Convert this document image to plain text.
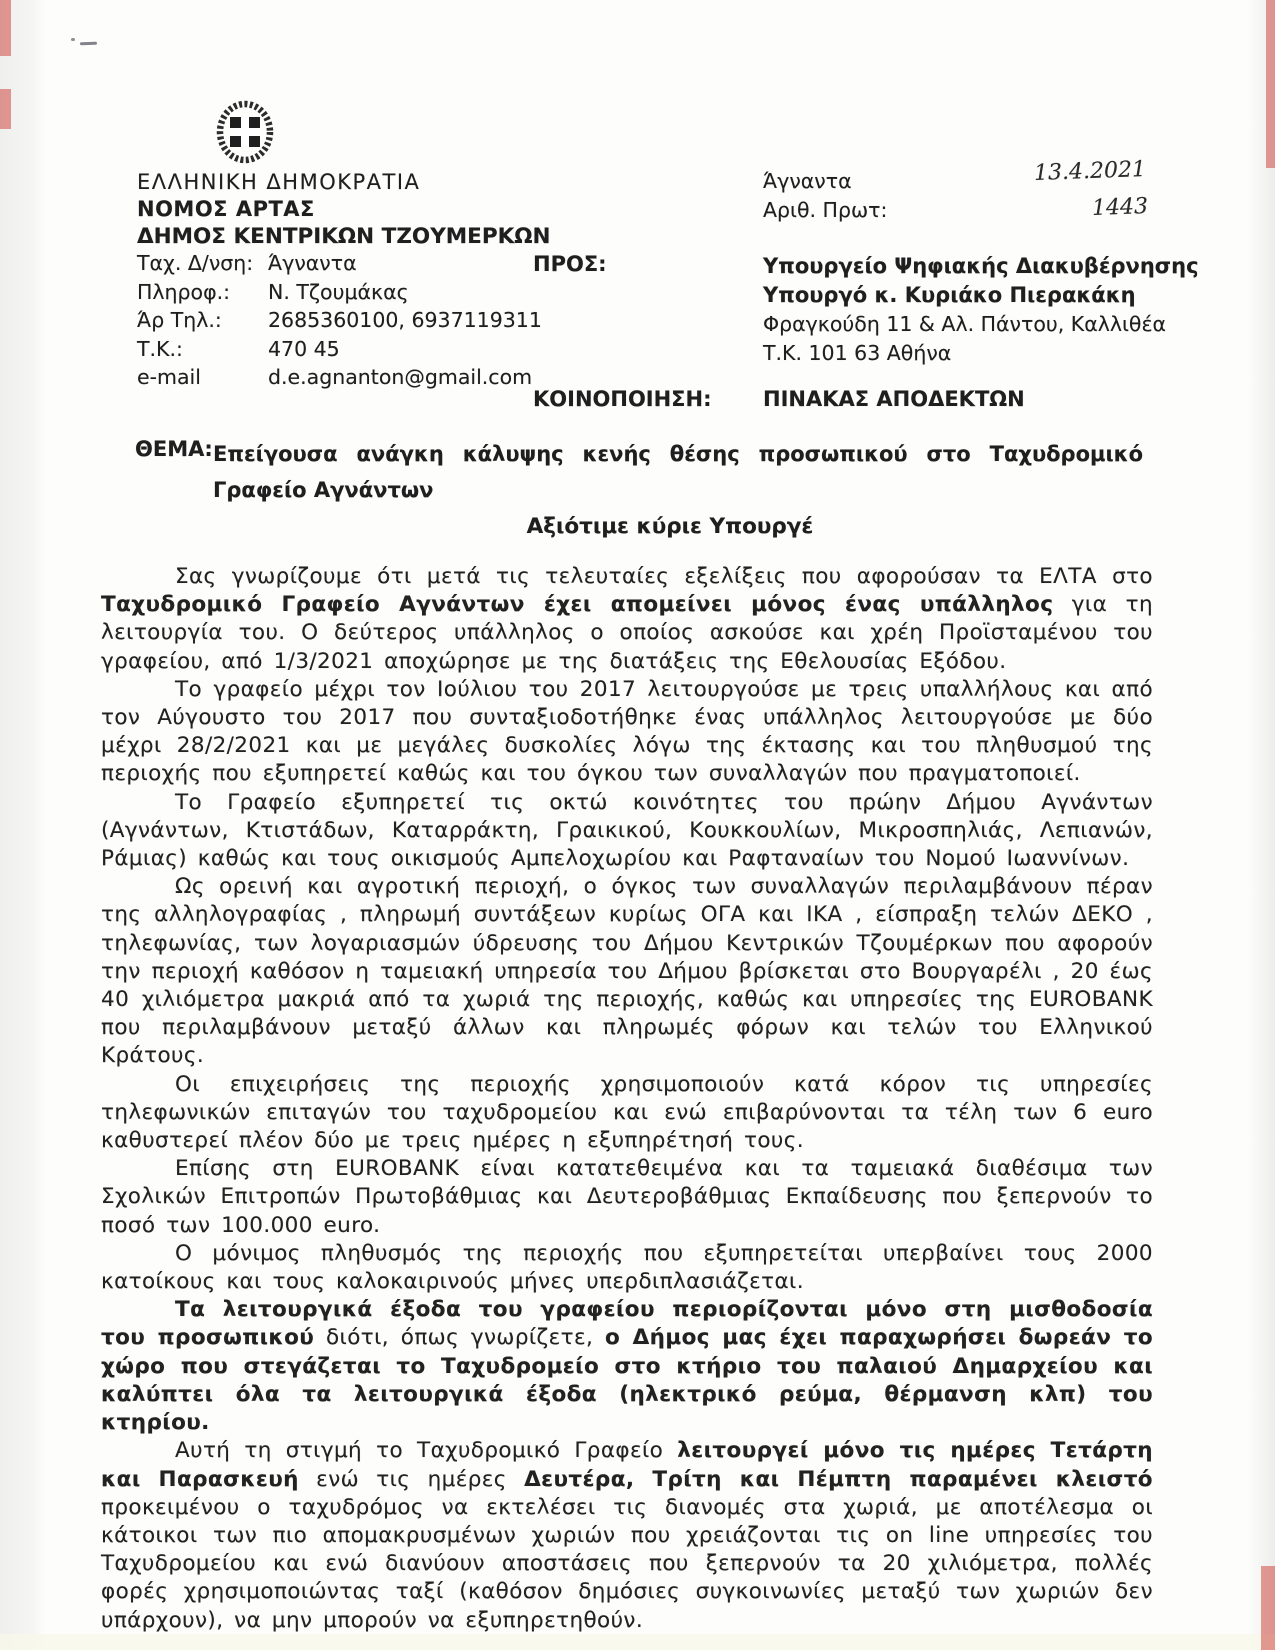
ΕΛΛΗΝΙΚΗ ΔΗΜΟΚΡΑΤΙΑ
ΝΟΜΟΣ ΑΡΤΑΣ
ΔΗΜΟΣ ΚΕΝΤΡΙΚΩΝ ΤΖΟΥΜΕΡΚΩΝ
Ταχ. Δ/νση: Άγναντα
Πληροφ.:	Ν. Τζουμάκας
Άρ Τηλ.:	2685360100, 6937119311
Τ.Κ.:	470 45
e-mail	d.e.agnanton@gmail.com
Άγναντα	13.4.2021
Αριθ. Πρωτ:	1443
ΠΡΟΣ:	Υπουργείο Ψηφιακής Διακυβέρνησης
Υπουργό κ. Κυριάκο Πιερακάκη
Φραγκούδη 11 & Αλ. Πάντου, Καλλιθέα
Τ.Κ. 101 63 Αθήνα
ΚΟΙΝΟΠΟΙΗΣΗ: ΠΙΝΑΚΑΣ ΑΠΟΔΕΚΤΩΝ
ΘΕΜΑ: Επείγουσα ανάγκη κάλυψης κενής θέσης προσωπικού στο Ταχυδρομικό
Γραφείο Αγνάντων
Αξιότιμε κύριε Υπουργέ

Σας γνωρίζουμε ότι μετά τις τελευταίες εξελίξεις που αφορούσαν τα ΕΛΤΑ στο Ταχυδρομικό Γραφείο Αγνάντων έχει απομείνει μόνος ένας υπάλληλος για τη λειτουργία του. Ο δεύτερος υπάλληλος ο οποίος ασκούσε και χρέη Προϊσταμένου του γραφείου, από 1/3/2021 αποχώρησε με της διατάξεις της Εθελουσίας Εξόδου.

Το γραφείο μέχρι τον Ιούλιου του 2017 λειτουργούσε με τρεις υπαλλήλους και από τον Αύγουστο του 2017 που συνταξιοδοτήθηκε ένας υπάλληλος λειτουργούσε με δύο μέχρι 28/2/2021 και με μεγάλες δυσκολίες λόγω της έκτασης και του πληθυσμού της περιοχής που εξυπηρετεί καθώς και του όγκου των συναλλαγών που πραγματοποιεί.

Το Γραφείο εξυπηρετεί τις οκτώ κοινότητες του πρώην Δήμου Αγνάντων (Αγνάντων, Κτιστάδων, Καταρράκτη, Γραικικού, Κουκκουλίων, Μικροσπηλιάς, Λεπιανών, Ράμιας) καθώς και τους οικισμούς Αμπελοχωρίου και Ραφταναίων του Νομού Ιωαννίνων.

Ως ορεινή και αγροτική περιοχή, ο όγκος των συναλλαγών περιλαμβάνουν πέραν της αλληλογραφίας , πληρωμή συντάξεων κυρίως ΟΓΑ και ΙΚΑ , είσπραξη τελών ΔΕΚΟ , τηλεφωνίας, των λογαριασμών ύδρευσης του Δήμου Κεντρικών Τζουμέρκων που αφορούν την περιοχή καθόσον η ταμειακή υπηρεσία του Δήμου βρίσκεται στο Βουργαρέλι , 20 έως 40 χιλιόμετρα μακριά από τα χωριά της περιοχής, καθώς και υπηρεσίες της EUROBANK που περιλαμβάνουν μεταξύ άλλων και πληρωμές φόρων και τελών του Ελληνικού Κράτους.

Οι επιχειρήσεις της περιοχής χρησιμοποιούν κατά κόρον τις υπηρεσίες τηλεφωνικών επιταγών του ταχυδρομείου και ενώ επιβαρύνονται τα τέλη των 6 euro καθυστερεί πλέον δύο με τρεις ημέρες η εξυπηρέτησή τους.

Επίσης στη EUROBANK είναι κατατεθειμένα και τα ταμειακά διαθέσιμα των Σχολικών Επιτροπών Πρωτοβάθμιας και Δευτεροβάθμιας Εκπαίδευσης που ξεπερνούν το ποσό των 100.000 euro.

Ο μόνιμος πληθυσμός της περιοχής που εξυπηρετείται υπερβαίνει τους 2000 κατοίκους και τους καλοκαιρινούς μήνες υπερδιπλασιάζεται.

Τα λειτουργικά έξοδα του γραφείου περιορίζονται μόνο στη μισθοδοσία του προσωπικού διότι, όπως γνωρίζετε, ο Δήμος μας έχει παραχωρήσει δωρεάν το χώρο που στεγάζεται το Ταχυδρομείο στο κτήριο του παλαιού Δημαρχείου και καλύπτει όλα τα λειτουργικά έξοδα (ηλεκτρικό ρεύμα, θέρμανση κλπ) του κτηρίου.

Αυτή τη στιγμή το Ταχυδρομικό Γραφείο λειτουργεί μόνο τις ημέρες Τετάρτη και Παρασκευή ενώ τις ημέρες Δευτέρα, Τρίτη και Πέμπτη παραμένει κλειστό προκειμένου ο ταχυδρόμος να εκτελέσει τις διανομές στα χωριά, με αποτέλεσμα οι κάτοικοι των πιο απομακρυσμένων χωριών που χρειάζονται τις on line υπηρεσίες του Ταχυδρομείου και ενώ διανύουν αποστάσεις που ξεπερνούν τα 20 χιλιόμετρα, πολλές φορές χρησιμοποιώντας ταξί (καθόσον δημόσιες συγκοινωνίες μεταξύ των χωριών δεν υπάρχουν), να μην μπορούν να εξυπηρετηθούν.
